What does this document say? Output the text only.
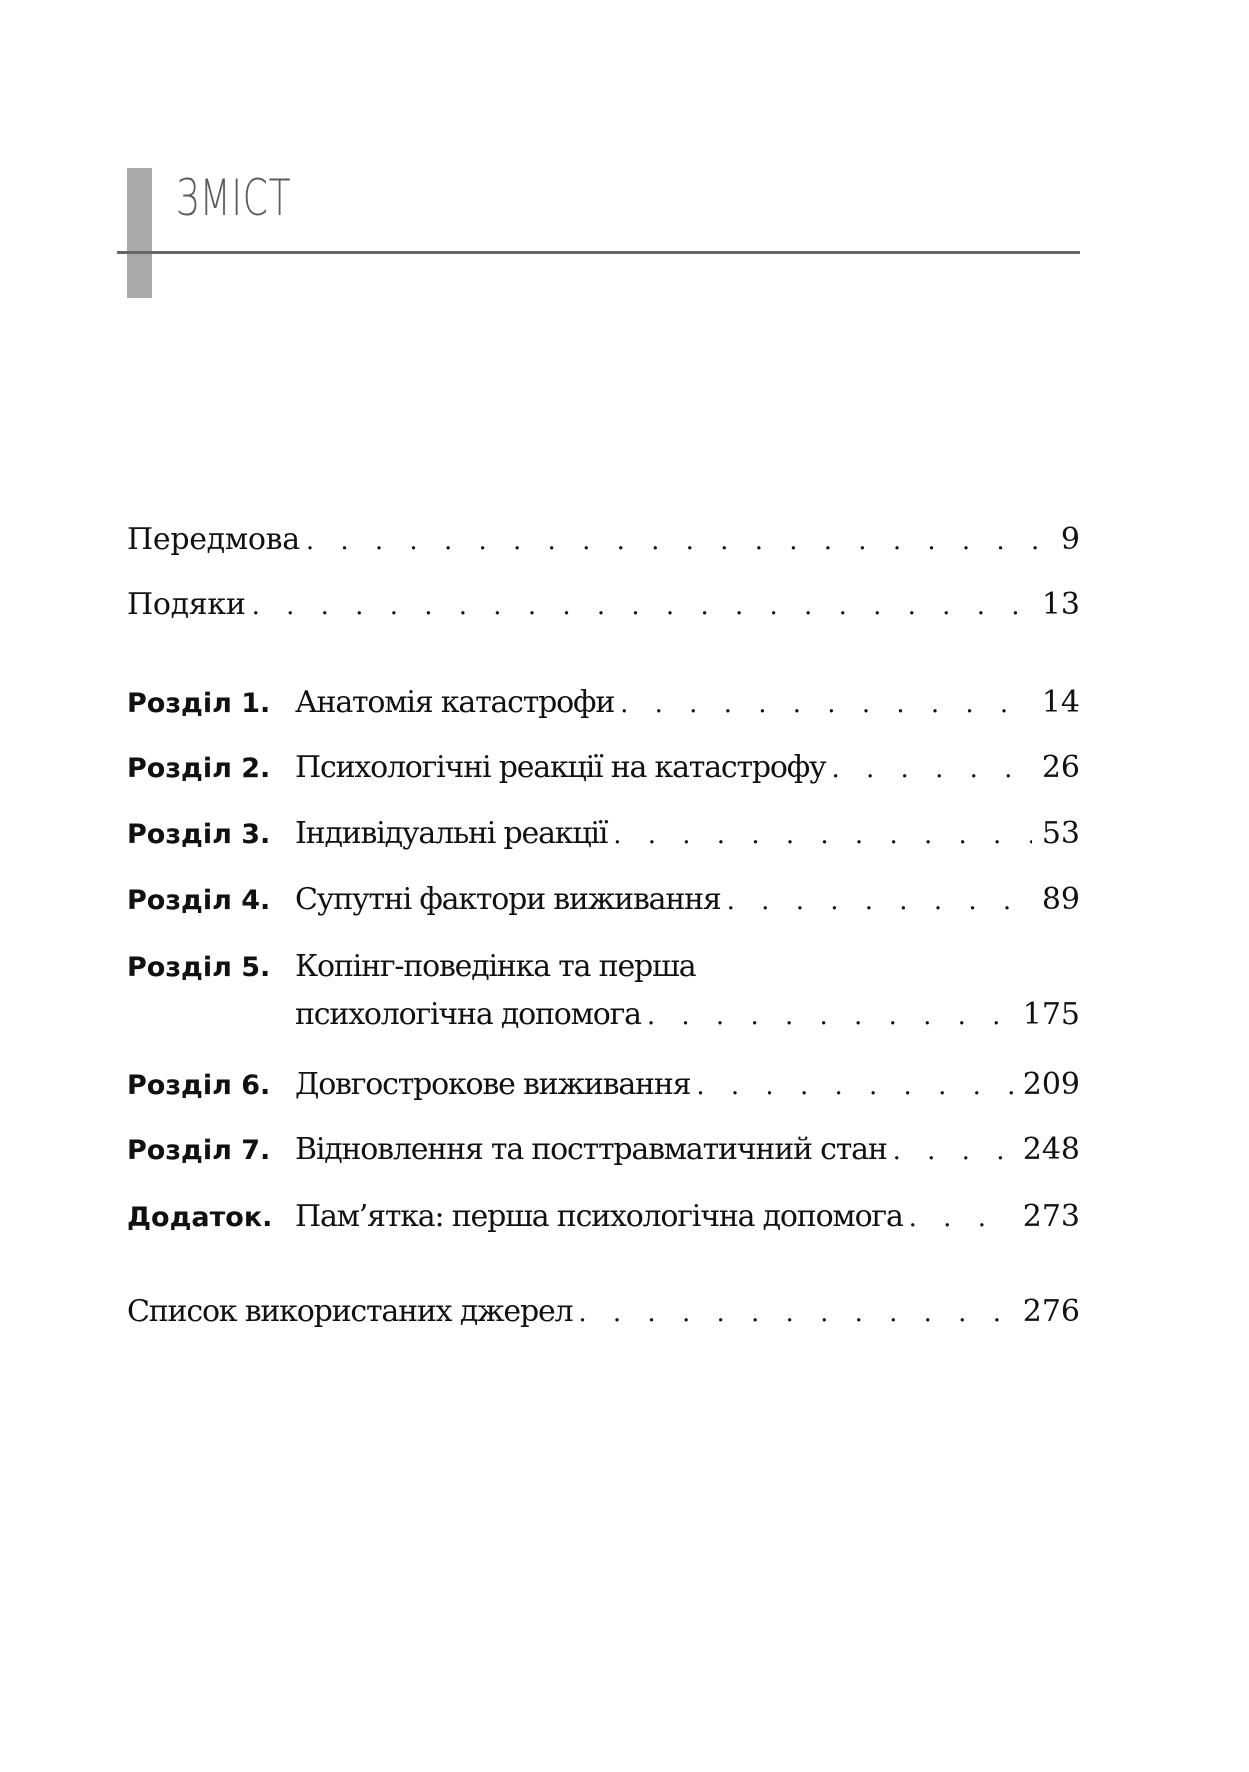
ЗМІСТ
Передмова . . .	9
Подяки . . .	13
Розділ 1. Анатомія катастрофи . . .	14
Розділ 2. Психологічні реакції на катастрофу . . .	26
Розділ 3. Індивідуальні реакції . . .	53
Розділ 4. Супутні фактори виживання . . .	89
Розділ 5. Копінг-поведінка та перша
психологічна допомога . . .	175
Розділ 6. Довгострокове виживання . . .	209
Розділ 7. Відновлення та посттравматичний стан . . .	248
Додаток. Пам’ятка: перша психологічна допомога . . .	273
Список використаних джерел . . .	276
